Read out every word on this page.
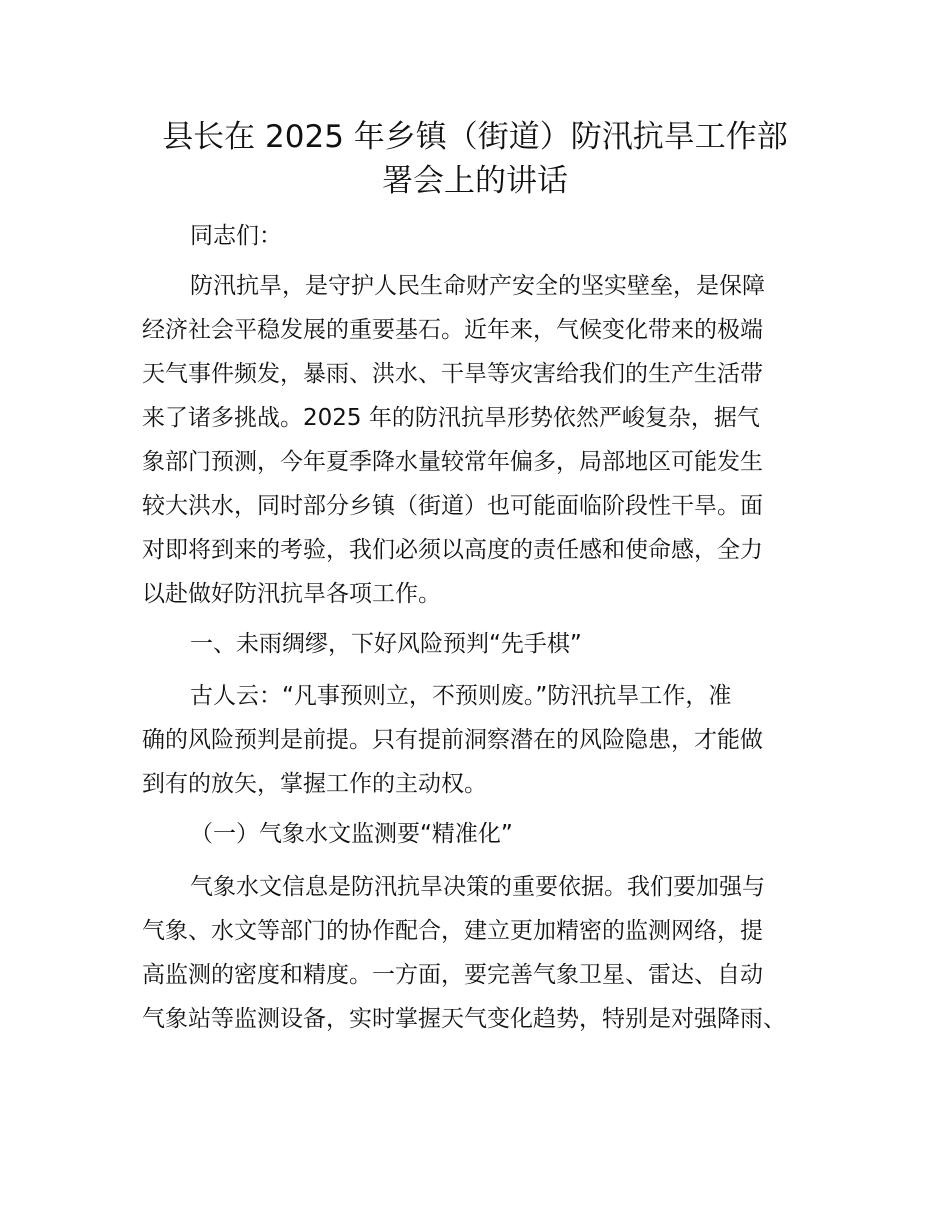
县长在 2025 年乡镇（街道）防汛抗旱工作部
署会上的讲话

同志们：

防汛抗旱，是守护人民生命财产安全的坚实壁垒，是保障

经济社会平稳发展的重要基石。近年来，气候变化带来的极端

天气事件频发，暴雨、洪水、干旱等灾害给我们的生产生活带

来了诸多挑战。2025 年的防汛抗旱形势依然严峻复杂，据气

象部门预测，今年夏季降水量较常年偏多，局部地区可能发生

较大洪水，同时部分乡镇（街道）也可能面临阶段性干旱。面

对即将到来的考验，我们必须以高度的责任感和使命感，全力

以赴做好防汛抗旱各项工作。

一、未雨绸缪，下好风险预判“先手棋”

古人云：“凡事预则立，不预则废。”防汛抗旱工作，准

确的风险预判是前提。只有提前洞察潜在的风险隐患，才能做

到有的放矢，掌握工作的主动权。

（一）气象水文监测要“精准化”

气象水文信息是防汛抗旱决策的重要依据。我们要加强与

气象、水文等部门的协作配合，建立更加精密的监测网络，提

高监测的密度和精度。一方面，要完善气象卫星、雷达、自动

气象站等监测设备，实时掌握天气变化趋势，特别是对强降雨、
